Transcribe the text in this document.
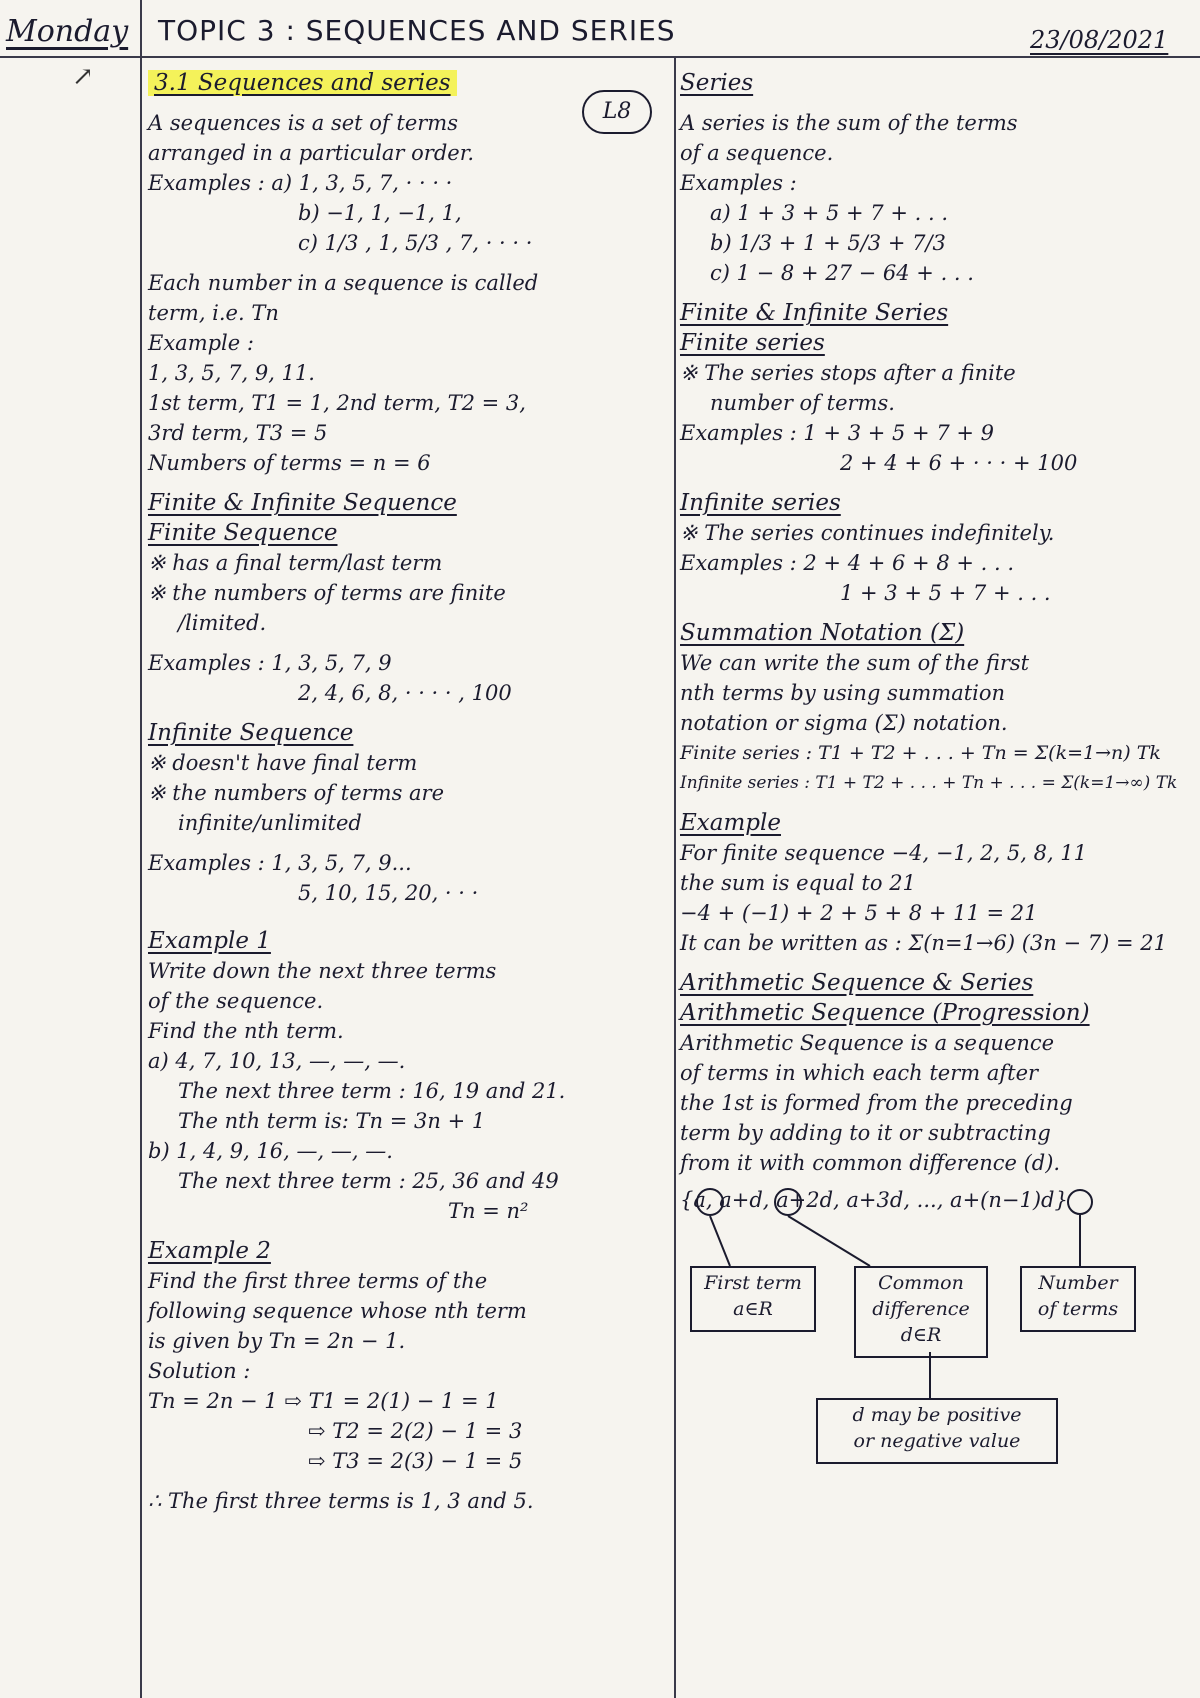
Monday
↗
TOPIC 3 : SEQUENCES AND SERIES	23/08/2021
L8
3.1 Sequences and series
A sequences is a set of terms
arranged in a particular order.
Examples : a) 1, 3, 5, 7, · · · ·
b) −1, 1, −1, 1,
c) 1/3 , 1, 5/3 , 7, · · · ·
Each number in a sequence is called
term, i.e. Tn
Example :
1, 3, 5, 7, 9, 11.
1st term, T1 = 1, 2nd term, T2 = 3,
3rd term, T3 = 5
Numbers of terms = n = 6
Finite & Infinite Sequence
Finite Sequence
※ has a final term/last term
※ the numbers of terms are finite
/limited.
Examples : 1, 3, 5, 7, 9
2, 4, 6, 8, · · · · , 100
Infinite Sequence
※ doesn't have final term
※ the numbers of terms are
infinite/unlimited
Examples : 1, 3, 5, 7, 9...
5, 10, 15, 20, · · ·
Example 1
Write down the next three terms
of the sequence.
Find the nth term.
a) 4, 7, 10, 13, —, —, —.
The next three term : 16, 19 and 21.
The nth term is: Tn = 3n + 1
b) 1, 4, 9, 16, —, —, —.
The next three term : 25, 36 and 49
Tn = n²
Example 2
Find the first three terms of the
following sequence whose nth term
is given by Tn = 2n − 1.
Solution :
Tn = 2n − 1 ⇨ T1 = 2(1) − 1 = 1
⇨ T2 = 2(2) − 1 = 3
⇨ T3 = 2(3) − 1 = 5
∴ The first three terms is 1, 3 and 5.
Series
A series is the sum of the terms
of a sequence.
Examples :
a) 1 + 3 + 5 + 7 + . . .
b) 1/3 + 1 + 5/3 + 7/3
c) 1 − 8 + 27 − 64 + . . .
Finite & Infinite Series
Finite series
※ The series stops after a finite
number of terms.
Examples : 1 + 3 + 5 + 7 + 9
2 + 4 + 6 + · · · + 100
Infinite series
※ The series continues indefinitely.
Examples : 2 + 4 + 6 + 8 + . . .
1 + 3 + 5 + 7 + . . .
Summation Notation (Σ)
We can write the sum of the first
nth terms by using summation
notation or sigma (Σ) notation.
Finite series : T1 + T2 + . . . + Tn = Σ(k=1→n) Tk
Infinite series : T1 + T2 + . . . + Tn + . . . = Σ(k=1→∞) Tk
Example
For finite sequence −4, −1, 2, 5, 8, 11
the sum is equal to 21
−4 + (−1) + 2 + 5 + 8 + 11 = 21
It can be written as : Σ(n=1→6) (3n − 7) = 21
Arithmetic Sequence & Series
Arithmetic Sequence (Progression)
Arithmetic Sequence is a sequence
of terms in which each term after
the 1st is formed from the preceding
term by adding to it or subtracting
from it with common difference (d).
{a, a+d, a+2d, a+3d, ..., a+(n−1)d}
First term
a∈R
Common
difference
d∈R
Number
of terms
d may be positive
or negative value
